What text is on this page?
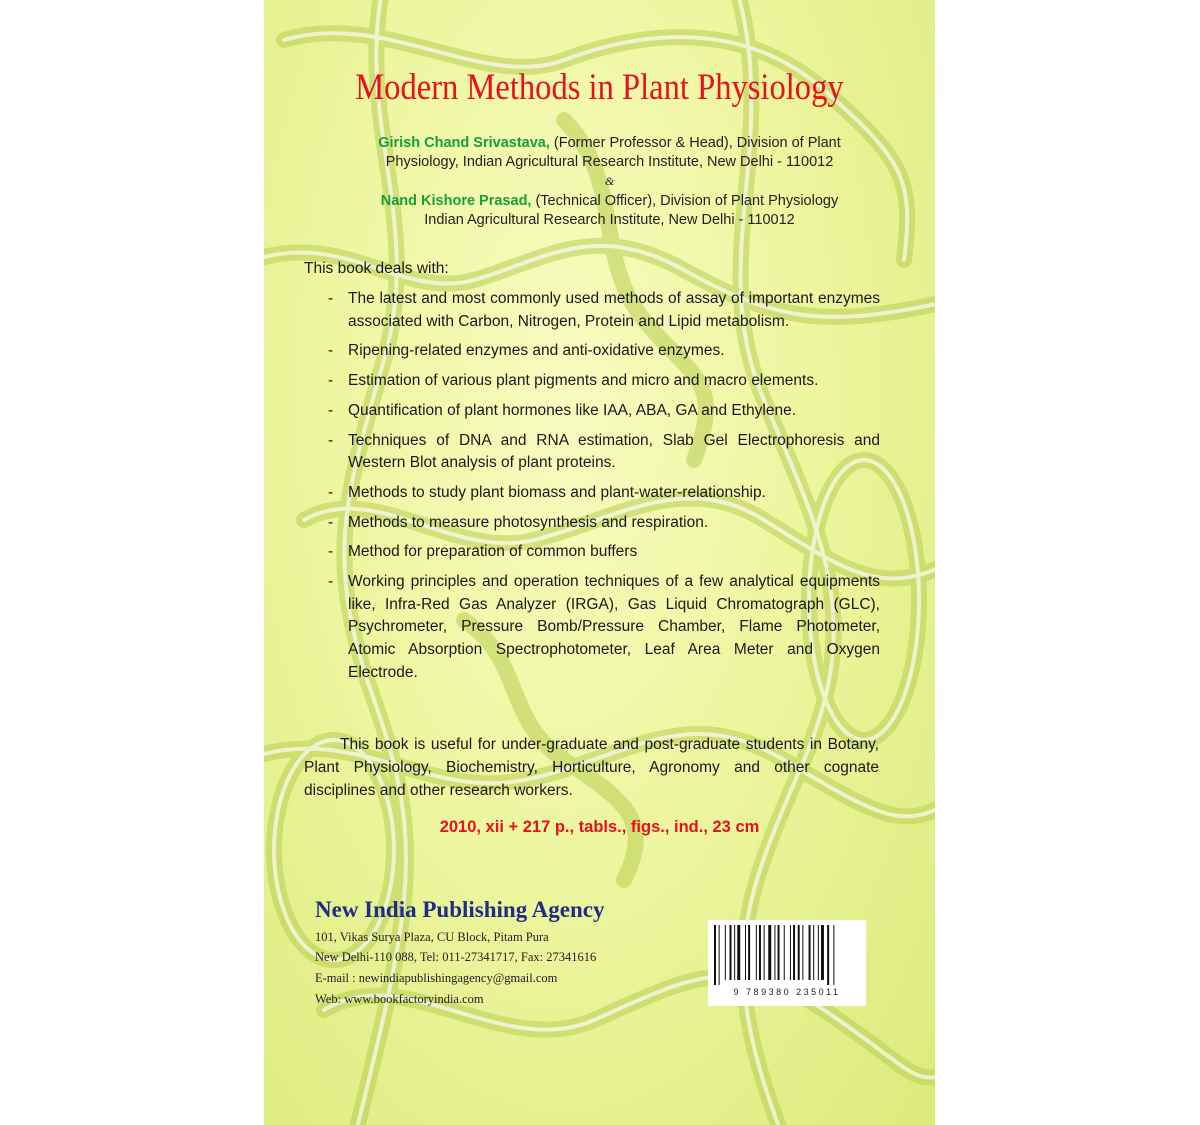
Modern Methods in Plant Physiology
Girish Chand Srivastava, (Former Professor & Head), Division of Plant
Physiology, Indian Agricultural Research Institute, New Delhi - 110012
&
Nand Kishore Prasad, (Technical Officer), Division of Plant Physiology
Indian Agricultural Research Institute, New Delhi - 110012
This book deals with:
- The latest and most commonly used methods of assay of important enzymes associated with Carbon, Nitrogen, Protein and Lipid metabolism.
- Ripening-related enzymes and anti-oxidative enzymes.
- Estimation of various plant pigments and micro and macro elements.
- Quantification of plant hormones like IAA, ABA, GA and Ethylene.
- Techniques of DNA and RNA estimation, Slab Gel Electrophoresis and Western Blot analysis of plant proteins.
- Methods to study plant biomass and plant-water-relationship.
- Methods to measure photosynthesis and respiration.
- Method for preparation of common buffers
- Working principles and operation techniques of a few analytical equipments like, Infra-Red Gas Analyzer (IRGA), Gas Liquid Chromatograph (GLC), Psychrometer, Pressure Bomb/Pressure Chamber, Flame Photometer, Atomic Absorption Spectrophotometer, Leaf Area Meter and Oxygen Electrode.
This book is useful for under-graduate and post-graduate students in Botany, Plant Physiology, Biochemistry, Horticulture, Agronomy and other cognate disciplines and other research workers.
2010, xii + 217 p., tabls., figs., ind., 23 cm
New India Publishing Agency
101, Vikas Surya Plaza, CU Block, Pitam Pura
New Delhi-110 088, Tel: 011-27341717, Fax: 27341616
E-mail : newindiapublishingagency@gmail.com
Web: www.bookfactoryindia.com	9 789380 235011
